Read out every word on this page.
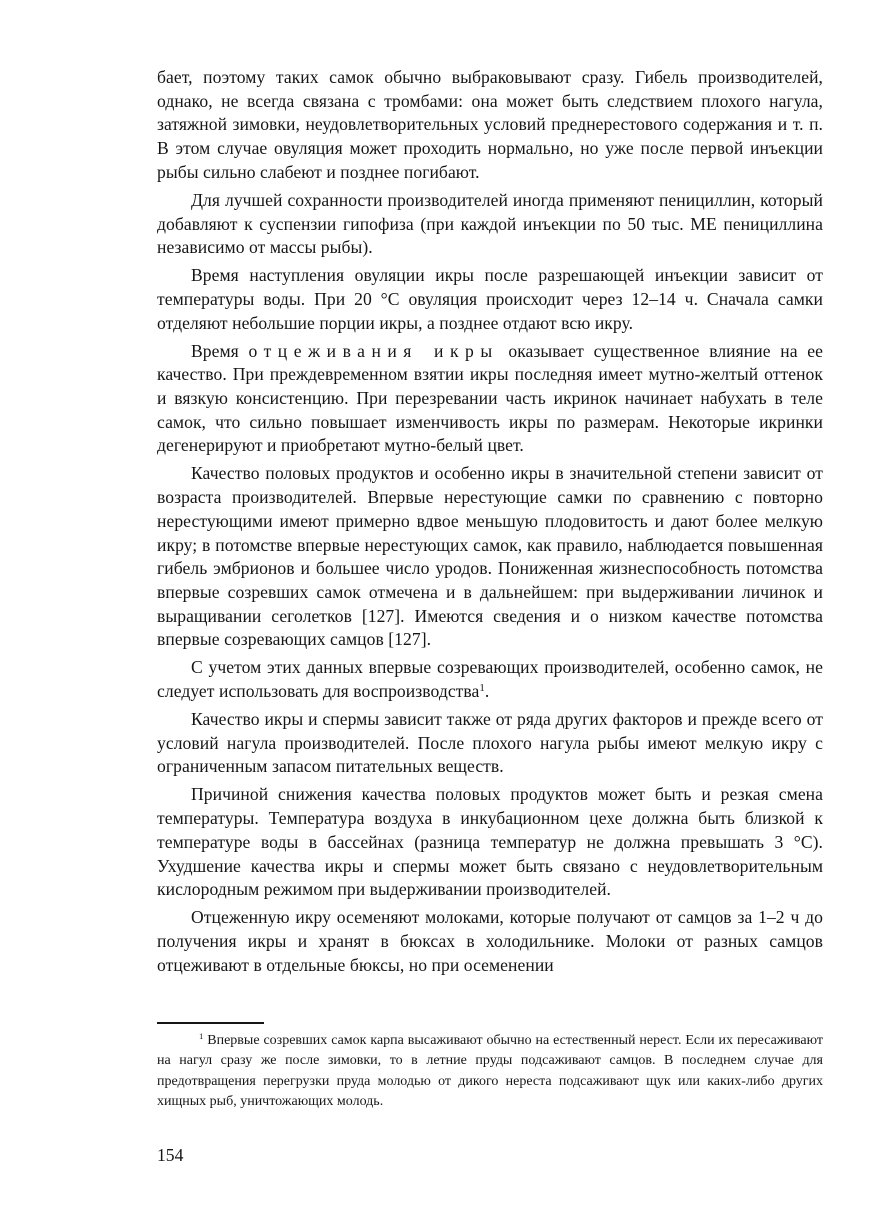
бает, поэтому таких самок обычно выбраковывают сразу. Гибель производителей, однако, не всегда связана с тромбами: она может быть следствием плохого нагула, затяжной зимовки, неудовлетворительных условий преднерестового содержания и т. п. В этом случае овуляция может проходить нормально, но уже после первой инъекции рыбы сильно слабеют и позднее погибают.

Для лучшей сохранности производителей иногда применяют пенициллин, который добавляют к суспензии гипофиза (при каждой инъекции по 50 тыс. МЕ пенициллина независимо от массы рыбы).

Время наступления овуляции икры после разрешающей инъекции зависит от температуры воды. При 20 °С овуляция происходит через 12–14 ч. Сначала самки отделяют небольшие порции икры, а позднее отдают всю икру.

Время отцеживания икры оказывает существенное влияние на ее качество. При преждевременном взятии икры последняя имеет мутно-желтый оттенок и вязкую консистенцию. При перезревании часть икринок начинает набухать в теле самок, что сильно повышает изменчивость икры по размерам. Некоторые икринки дегенерируют и приобретают мутно-белый цвет.

Качество половых продуктов и особенно икры в значительной степени зависит от возраста производителей. Впервые нерестующие самки по сравнению с повторно нерестующими имеют примерно вдвое меньшую плодовитость и дают более мелкую икру; в потомстве впервые нерестующих самок, как правило, наблюдается повышенная гибель эмбрионов и большее число уродов. Пониженная жизнеспособность потомства впервые созревших самок отмечена и в дальнейшем: при выдерживании личинок и выращивании сеголетков [127]. Имеются сведения и о низком качестве потомства впервые созревающих самцов [127].

С учетом этих данных впервые созревающих производителей, особенно самок, не следует использовать для воспроизводства$^1$.

Качество икры и спермы зависит также от ряда других факторов и прежде всего от условий нагула производителей. После плохого нагула рыбы имеют мелкую икру с ограниченным запасом питательных веществ.

Причиной снижения качества половых продуктов может быть и резкая смена температуры. Температура воздуха в инкубационном цехе должна быть близкой к температуре воды в бассейнах (разница температур не должна превышать 3 °С). Ухудшение качества икры и спермы может быть связано с неудовлетворительным кислородным режимом при выдерживании производителей.

Отцеженную икру осеменяют молоками, которые получают от самцов за 1–2 ч до получения икры и хранят в бюксах в холодильнике. Молоки от разных самцов отцеживают в отдельные бюксы, но при осеменении

$^1$ Впервые созревших самок карпа высаживают обычно на естественный нерест. Если их пересаживают на нагул сразу же после зимовки, то в летние пруды подсаживают самцов. В последнем случае для предотвращения перегрузки пруда молодью от дикого нереста подсаживают щук или каких-либо других хищных рыб, уничтожающих молодь.

154
